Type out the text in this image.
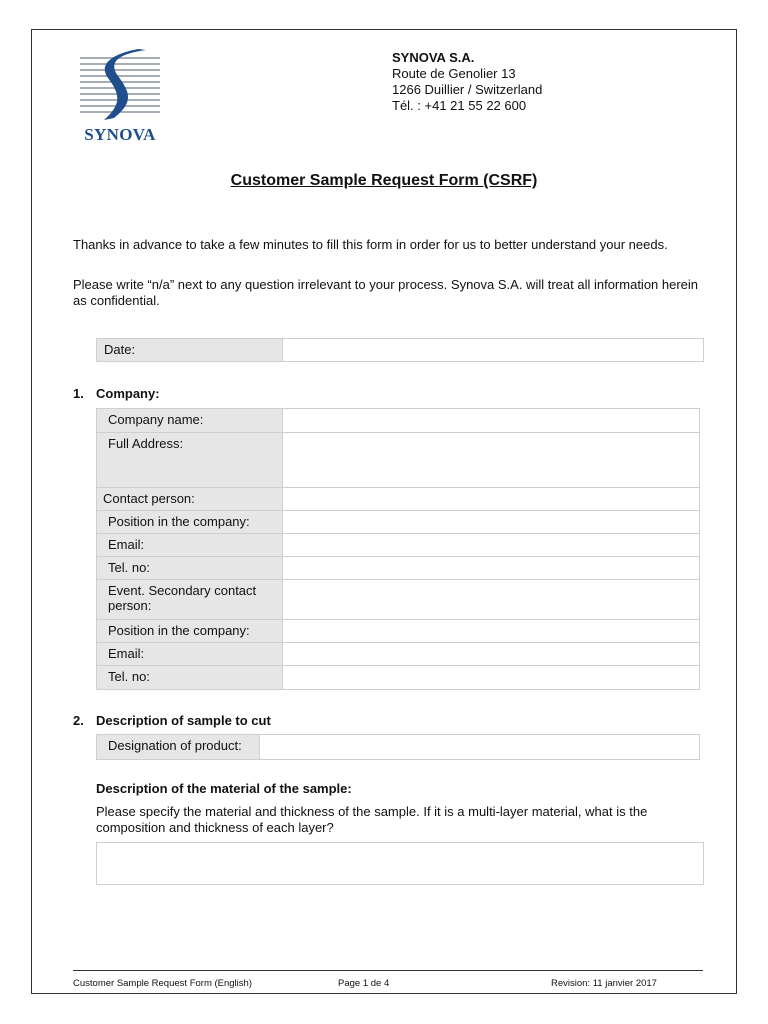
SYNOVA
SYNOVA S.A.
Route de Genolier 13
1266 Duillier / Switzerland
Tél. : +41 21 55 22 600
Customer Sample Request Form (CSRF)
Thanks in advance to take a few minutes to fill this form in order for us to better understand your needs.
Please write “n/a” next to any question irrelevant to your process. Synova S.A. will treat all information herein as confidential.
Date:	
1. Company:
Company name:	
Full Address:	
Contact person:	
Position in the company:	
Email:	
Tel. no:	
Event. Secondary contact person:	
Position in the company:	
Email:	
Tel. no:	
2. Description of sample to cut
Designation of product:	
Description of the material of the sample:
Please specify the material and thickness of the sample. If it is a multi-layer material, what is the composition and thickness of each layer?
Customer Sample Request Form (English)	Page 1 de 4	Revision: 11 janvier 2017
